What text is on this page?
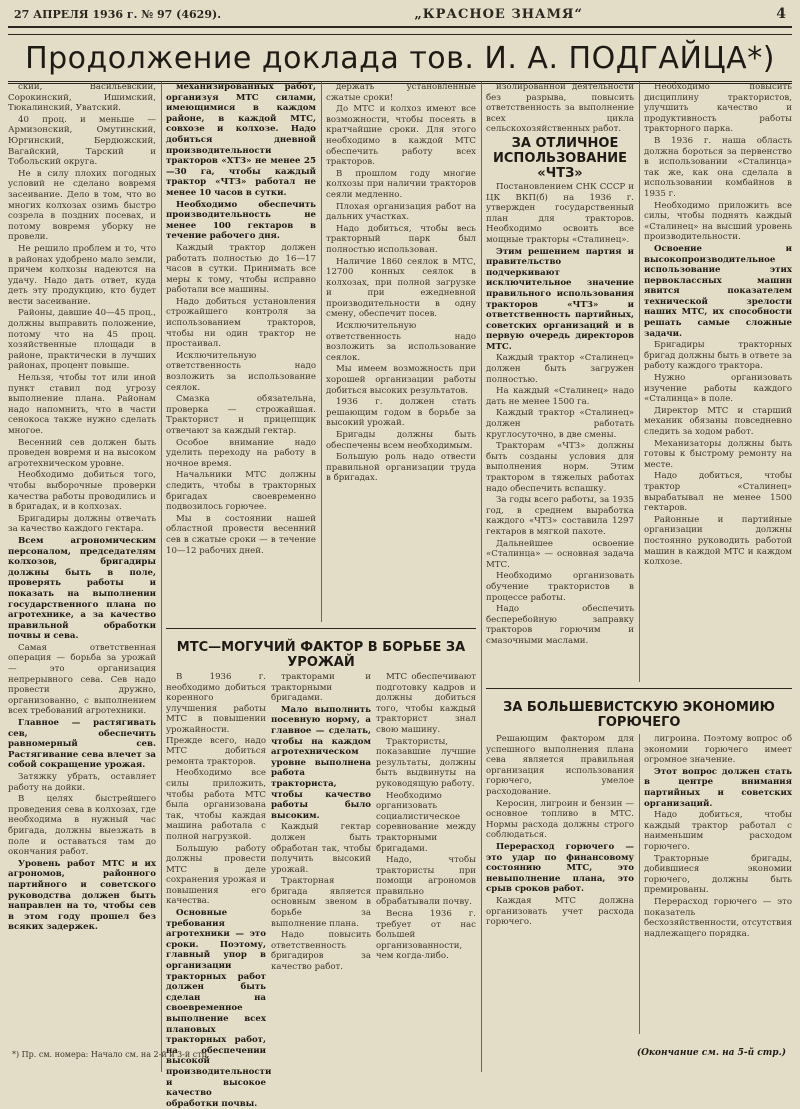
27 АПРЕЛЯ 1936 г. № 97 (4629).	„КРАСНОЕ ЗНАМЯ“	4
Продолжение доклада тов. И. А. ПОДГАЙЦА*)

ский, Васильевский, Сорокинский, Ишимский, Тюкалинский, Уватский.

40 проц. и меньше — Армизонский, Омутинский, Юргинский, Бердюжский, Вагайский, Тарский и Тобольский округа.

Не в силу плохих погодных условий не сделано вовремя засеивание. Дело в том, что во многих колхозах озимь быстро созрела в поздних посевах, и потому вовремя уборку не провели.

Не решило проблем и то, что в районах удобрено мало земли, причем колхозы надеются на удачу. Надо дать ответ, куда деть эту продукцию, кто будет вести засеивание.

Районы, давшие 40—45 проц., должны выправить положение, потому что на 45 проц. хозяйственные площади в районе, практически в лучших районах, процент повыше.

Нельзя, чтобы тот или иной пункт ставил под угрозу выполнение плана. Районам надо напомнить, что в части сенокоса также нужно сделать многое.

Весенний сев должен быть проведен вовремя и на высоком агротехническом уровне.

Необходимо добиться того, чтобы выборочные проверки качества работы проводились и в бригадах, и в колхозах.

Бригадиры должны отвечать за качество каждого гектара.

Всем агрономическим персоналом, председателям колхозов, бригадиры должны быть в поле, проверять работы и показать на выполнении государственного плана по агротехнике, а за качество правильной обработки почвы и сева.

Самая ответственная операция — борьба за урожай — это организация непрерывного сева. Сев надо провести дружно, организованно, с выполнением всех требований агротехники.

Главное — растягивать сев, обеспечить равномерный сев. Растягивание сева влечет за собой сокращение урожая.

Затяжку убрать, оставляет работу на дойки.

В целях быстрейшего проведения сева в колхозах, где необходима в нужный час бригада, должны выезжать в поле и оставаться там до окончания работ.

Уровень работ МТС и их агрономов, районного партийного и советского руководства должен быть направлен на то, чтобы сев в этом году прошел без всяких задержек.

механизированных работ, организуя МТС силами, имеющимися в каждом районе, в каждой МТС, совхозе и колхозе. Надо добиться дневной производительности тракторов «ХТЗ» не менее 25—30 га, чтобы каждый трактор «ЧТЗ» работал не менее 10 часов в сутки.

Необходимо обеспечить производительность не менее 100 гектаров в течение рабочего дня.

Каждый трактор должен работать полностью до 16—17 часов в сутки. Принимать все меры к тому, чтобы исправно работали все машины.

Надо добиться установления строжайшего контроля за использованием тракторов, чтобы ни один трактор не простаивал.

Исключительную ответственность надо возложить за использование сеялок.

Смазка обязательна, проверка — строжайшая. Тракторист и прицепщик отвечают за каждый гектар.

Особое внимание надо уделить переходу на работу в ночное время.

Начальники МТС должны следить, чтобы в тракторных бригадах своевременно подвозилось горючее.

Мы в состоянии нашей областной провести весенний сев в сжатые сроки — в течение 10—12 рабочих дней.

держать установленные сжатые сроки!

До МТС и колхоз имеют все возможности, чтобы посеять в кратчайшие сроки. Для этого необходимо в каждой МТС обеспечить работу всех тракторов.

В прошлом году многие колхозы при наличии тракторов сеяли медленно.

Плохая организация работ на дальних участках.

Надо добиться, чтобы весь тракторный парк был полностью использован.

Наличие 1860 сеялок в МТС, 12700 конных сеялок в колхозах, при полной загрузке и при ежедневной производительности в одну смену, обеспечит посев.

Исключительную ответственность надо возложить за использование сеялок.

Мы имеем возможность при хорошей организации работы добиться высоких результатов.

1936 г. должен стать решающим годом в борьбе за высокий урожай.

Бригады должны быть обеспечены всем необходимым.

Большую роль надо отвести правильной организации труда в бригадах.

МТС—МОГУЧИЙ ФАКТОР В БОРЬБЕ ЗА УРОЖАЙ

В 1936 г. необходимо добиться коренного улучшения работы МТС в повышении урожайности. Прежде всего, надо МТС добиться ремонта тракторов.

Необходимо все силы приложить, чтобы работа МТС была организована так, чтобы каждая машина работала с полной нагрузкой.

Большую работу должны провести МТС в деле сохранения урожая и повышения его качества.

Основные требования агротехники — это сроки. Поэтому, главный упор в организации тракторных работ должен быть сделан на своевременное выполнение всех плановых тракторных работ, на обеспечении высокой производительности и высокое качество обработки почвы.

тракторами и тракторными бригадами.

Мало выполнить посевную норму, а главное — сделать, чтобы на каждом агротехническом уровне выполнена работа тракториста, чтобы качество работы было высоким.

Каждый гектар должен быть обработан так, чтобы получить высокий урожай.

Тракторная бригада является основным звеном в борьбе за выполнение плана.

Надо повысить ответственность бригадиров за качество работ.

МТС обеспечивают подготовку кадров и должны добиться того, чтобы каждый тракторист знал свою машину.

Трактористы, показавшие лучшие результаты, должны быть выдвинуты на руководящую работу.

Необходимо организовать социалистическое соревнование между тракторными бригадами.

Надо, чтобы трактористы при помощи агрономов правильно обрабатывали почву.

Весна 1936 г. требует от нас большей организованности, чем когда-либо.

изолированной деятельности без разрыва, повысить ответственность за выполнение всех цикла сельскохозяйственных работ.

ЗА ОТЛИЧНОЕ ИСПОЛЬЗОВАНИЕ «ЧТЗ»

Постановлением СНК СССР и ЦК ВКП(б) на 1936 г. утвержден государственный план для тракторов. Необходимо освоить все мощные тракторы «Сталинец».

Этим решением партия и правительство подчеркивают исключительное значение правильного использования тракторов «ЧТЗ» и ответственность партийных, советских организаций и в первую очередь директоров МТС.

Каждый трактор «Сталинец» должен быть загружен полностью.

На каждый «Сталинец» надо дать не менее 1500 га.

Каждый трактор «Сталинец» должен работать круглосуточно, в две смены.

Тракторам «ЧТЗ» должны быть созданы условия для выполнения норм. Этим трактором в тяжелых работах надо обеспечить вспашку.

За годы всего работы, за 1935 год, в среднем выработка каждого «ЧТЗ» составила 1297 гектаров в мягкой пахоте.

Дальнейшее освоение «Сталинца» — основная задача МТС.

Необходимо организовать обучение трактористов в процессе работы.

Надо обеспечить бесперебойную заправку тракторов горючим и смазочными маслами.

Необходимо повысить дисциплину трактористов, улучшить качество и продуктивность работы тракторного парка.

В 1936 г. наша область должна бороться за первенство в использовании «Сталинца» так же, как она сделала в использовании комбайнов в 1935 г.

Необходимо приложить все силы, чтобы поднять каждый «Сталинец» на высший уровень производительности.

Освоение и высокопроизводительное использование этих первоклассных машин явится показателем технической зрелости наших МТС, их способности решать самые сложные задачи.

Бригадиры тракторных бригад должны быть в ответе за работу каждого трактора.

Нужно организовать изучение работы каждого «Сталинца» в поле.

Директор МТС и старший механик обязаны повседневно следить за ходом работ.

Механизаторы должны быть готовы к быстрому ремонту на месте.

Надо добиться, чтобы трактор «Сталинец» вырабатывал не менее 1500 гектаров.

Районные и партийные организации должны постоянно руководить работой машин в каждой МТС и каждом колхозе.

ЗА БОЛЬШЕВИСТСКУЮ ЭКОНОМИЮ ГОРЮЧЕГО

Решающим фактором для успешного выполнения плана сева является правильная организация использования горючего, умелое расходование.

Керосин, лигроин и бензин — основное топливо в МТС. Нормы расхода должны строго соблюдаться.

Перерасход горючего — это удар по финансовому состоянию МТС, это невыполнение плана, это срыв сроков работ.

Каждая МТС должна организовать учет расхода горючего.

лигроина. Поэтому вопрос об экономии горючего имеет огромное значение.

Этот вопрос должен стать в центре внимания партийных и советских организаций.

Надо добиться, чтобы каждый трактор работал с наименьшим расходом горючего.

Тракторные бригады, добившиеся экономии горючего, должны быть премированы.

Перерасход горючего — это показатель бесхозяйственности, отсутствия надлежащего порядка.

*) Пр. см. номера: Начало см. на 2-й и 3-й стр.	(Окончание см. на 5-й стр.)
